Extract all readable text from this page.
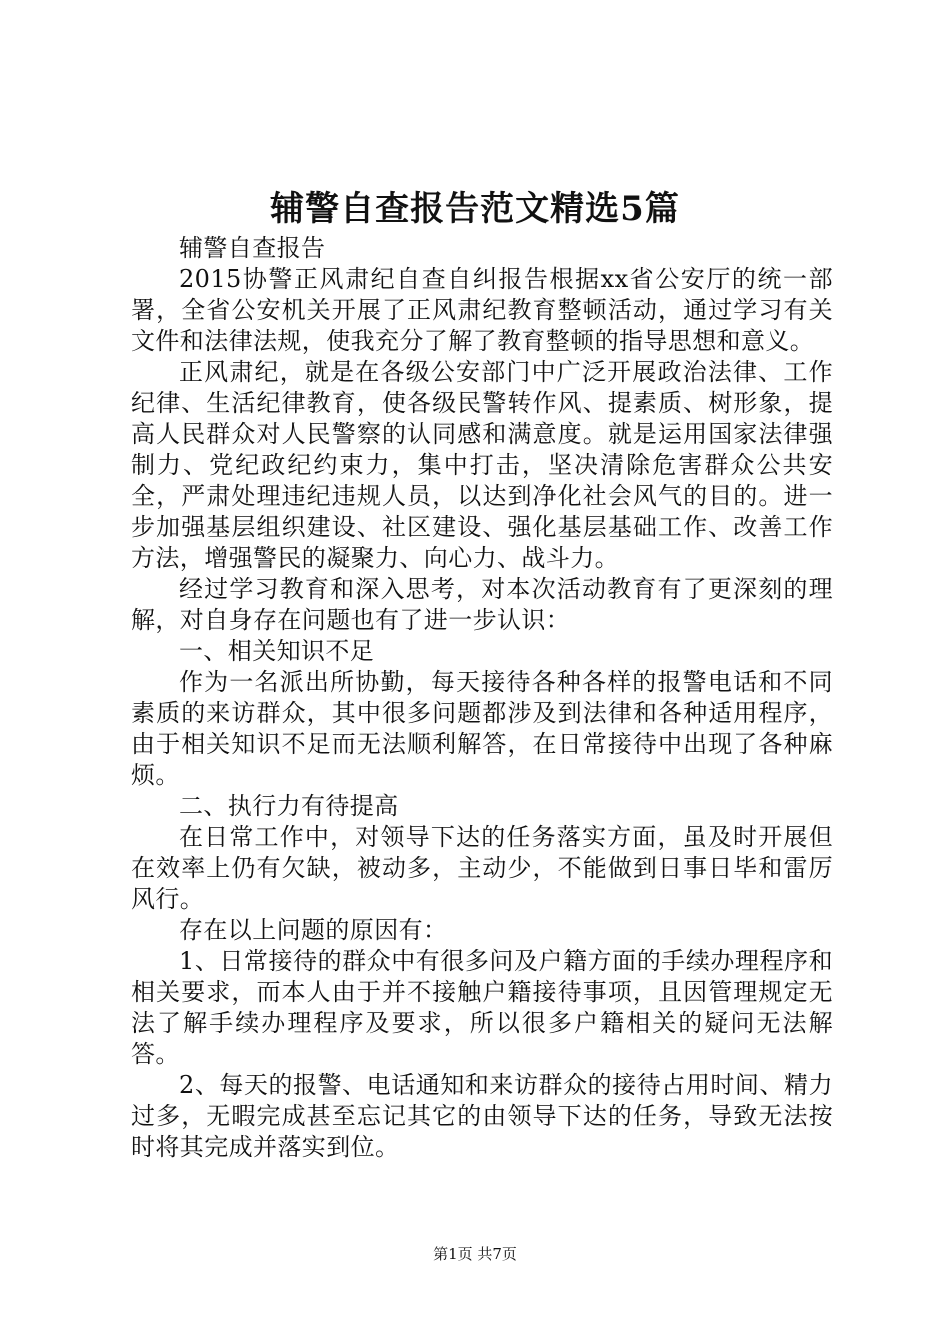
辅警自查报告范文精选5篇

辅警自查报告

2015协警正风肃纪自查自纠报告根据xx省公安厅的统一部署，全省公安机关开展了正风肃纪教育整顿活动，通过学习有关文件和法律法规，使我充分了解了教育整顿的指导思想和意义。

正风肃纪，就是在各级公安部门中广泛开展政治法律、工作纪律、生活纪律教育，使各级民警转作风、提素质、树形象，提高人民群众对人民警察的认同感和满意度。就是运用国家法律强制力、党纪政纪约束力，集中打击，坚决清除危害群众公共安全，严肃处理违纪违规人员，以达到净化社会风气的目的。进一步加强基层组织建设、社区建设、强化基层基础工作、改善工作方法，增强警民的凝聚力、向心力、战斗力。

经过学习教育和深入思考，对本次活动教育有了更深刻的理解，对自身存在问题也有了进一步认识：

一、相关知识不足

作为一名派出所协勤，每天接待各种各样的报警电话和不同素质的来访群众，其中很多问题都涉及到法律和各种适用程序，由于相关知识不足而无法顺利解答，在日常接待中出现了各种麻烦。

二、执行力有待提高

在日常工作中，对领导下达的任务落实方面，虽及时开展但在效率上仍有欠缺，被动多，主动少，不能做到日事日毕和雷厉风行。

存在以上问题的原因有：

1、日常接待的群众中有很多问及户籍方面的手续办理程序和相关要求，而本人由于并不接触户籍接待事项，且因管理规定无法了解手续办理程序及要求，所以很多户籍相关的疑问无法解答。

2、每天的报警、电话通知和来访群众的接待占用时间、精力过多，无暇完成甚至忘记其它的由领导下达的任务，导致无法按时将其完成并落实到位。

第1页 共7页
